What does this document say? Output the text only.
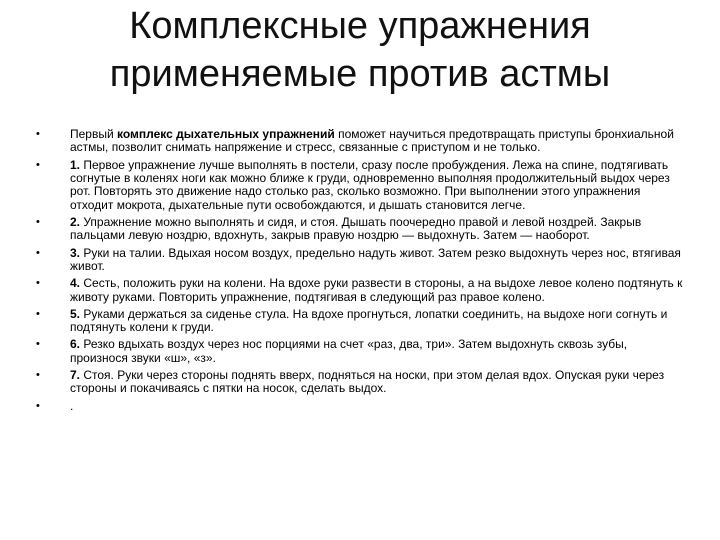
Комплексные упражнения
применяемые против астмы
•	Первый комплекс дыхательных упражнений поможет научиться предотвращать приступы бронхиальной астмы, позволит снимать напряжение и стресс, связанные с приступом и не только.
•	1. Первое упражнение лучше выполнять в постели, сразу после пробуждения. Лежа на спине, подтягивать согнутые в коленях ноги как можно ближе к груди, одновременно выполняя продолжительный выдох через рот. Повторять это движение надо столько раз, сколько возможно. При выполнении этого упражнения отходит мокрота, дыхательные пути освобождаются, и дышать становится легче.
•	2. Упражнение можно выполнять и сидя, и стоя. Дышать поочередно правой и левой ноздрей. Закрыв пальцами левую ноздрю, вдохнуть, закрыв правую ноздрю — выдохнуть. Затем — наоборот.
•	3. Руки на талии. Вдыхая носом воздух, предельно надуть живот. Затем резко выдохнуть через нос, втягивая живот.
•	4. Сесть, положить руки на колени. На вдохе руки развести в стороны, а на выдохе левое колено подтянуть к животу руками. Повторить упражнение, подтягивая в следующий раз правое колено.
•	5. Руками держаться за сиденье стула. На вдохе прогнуться, лопатки соединить, на выдохе ноги согнуть и подтянуть колени к груди.
•	6. Резко вдыхать воздух через нос порциями на счет «раз, два, три». Затем выдохнуть сквозь зубы, произнося звуки «ш», «з».
•	7. Стоя. Руки через стороны поднять вверх, подняться на носки, при этом делая вдох. Опуская руки через стороны и покачиваясь с пятки на носок, сделать выдох.
•	.
